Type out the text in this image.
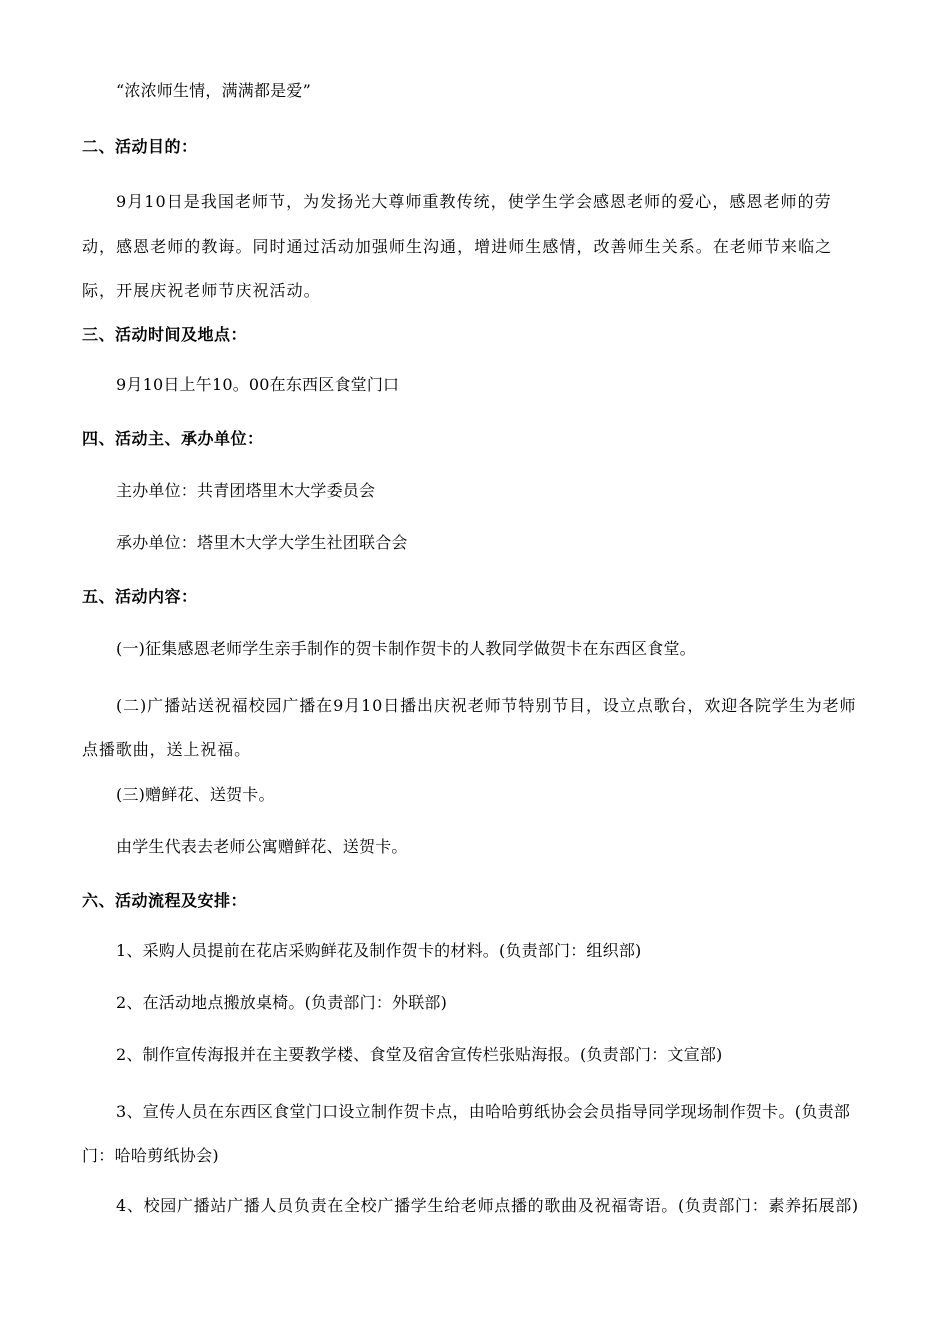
“浓浓师生情，满满都是爱”
二、活动目的：
9月10日是我国老师节，为发扬光大尊师重教传统，使学生学会感恩老师的爱心，感恩老师的劳动，感恩老师的教诲。同时通过活动加强师生沟通，增进师生感情，改善师生关系。在老师节来临之际，开展庆祝老师节庆祝活动。
三、活动时间及地点：
9月10日上午10。00在东西区食堂门口
四、活动主、承办单位：
主办单位：共青团塔里木大学委员会
承办单位：塔里木大学大学生社团联合会
五、活动内容：
(一)征集感恩老师学生亲手制作的贺卡制作贺卡的人教同学做贺卡在东西区食堂。
(二)广播站送祝福校园广播在9月10日播出庆祝老师节特别节目，设立点歌台，欢迎各院学生为老师点播歌曲，送上祝福。
(三)赠鲜花、送贺卡。
由学生代表去老师公寓赠鲜花、送贺卡。
六、活动流程及安排：
1、采购人员提前在花店采购鲜花及制作贺卡的材料。(负责部门：组织部)
2、在活动地点搬放桌椅。(负责部门：外联部)
2、制作宣传海报并在主要教学楼、食堂及宿舍宣传栏张贴海报。(负责部门：文宣部)
3、宣传人员在东西区食堂门口设立制作贺卡点，由哈哈剪纸协会会员指导同学现场制作贺卡。(负责部门：哈哈剪纸协会)
4、校园广播站广播人员负责在全校广播学生给老师点播的歌曲及祝福寄语。(负责部门：素养拓展部)
